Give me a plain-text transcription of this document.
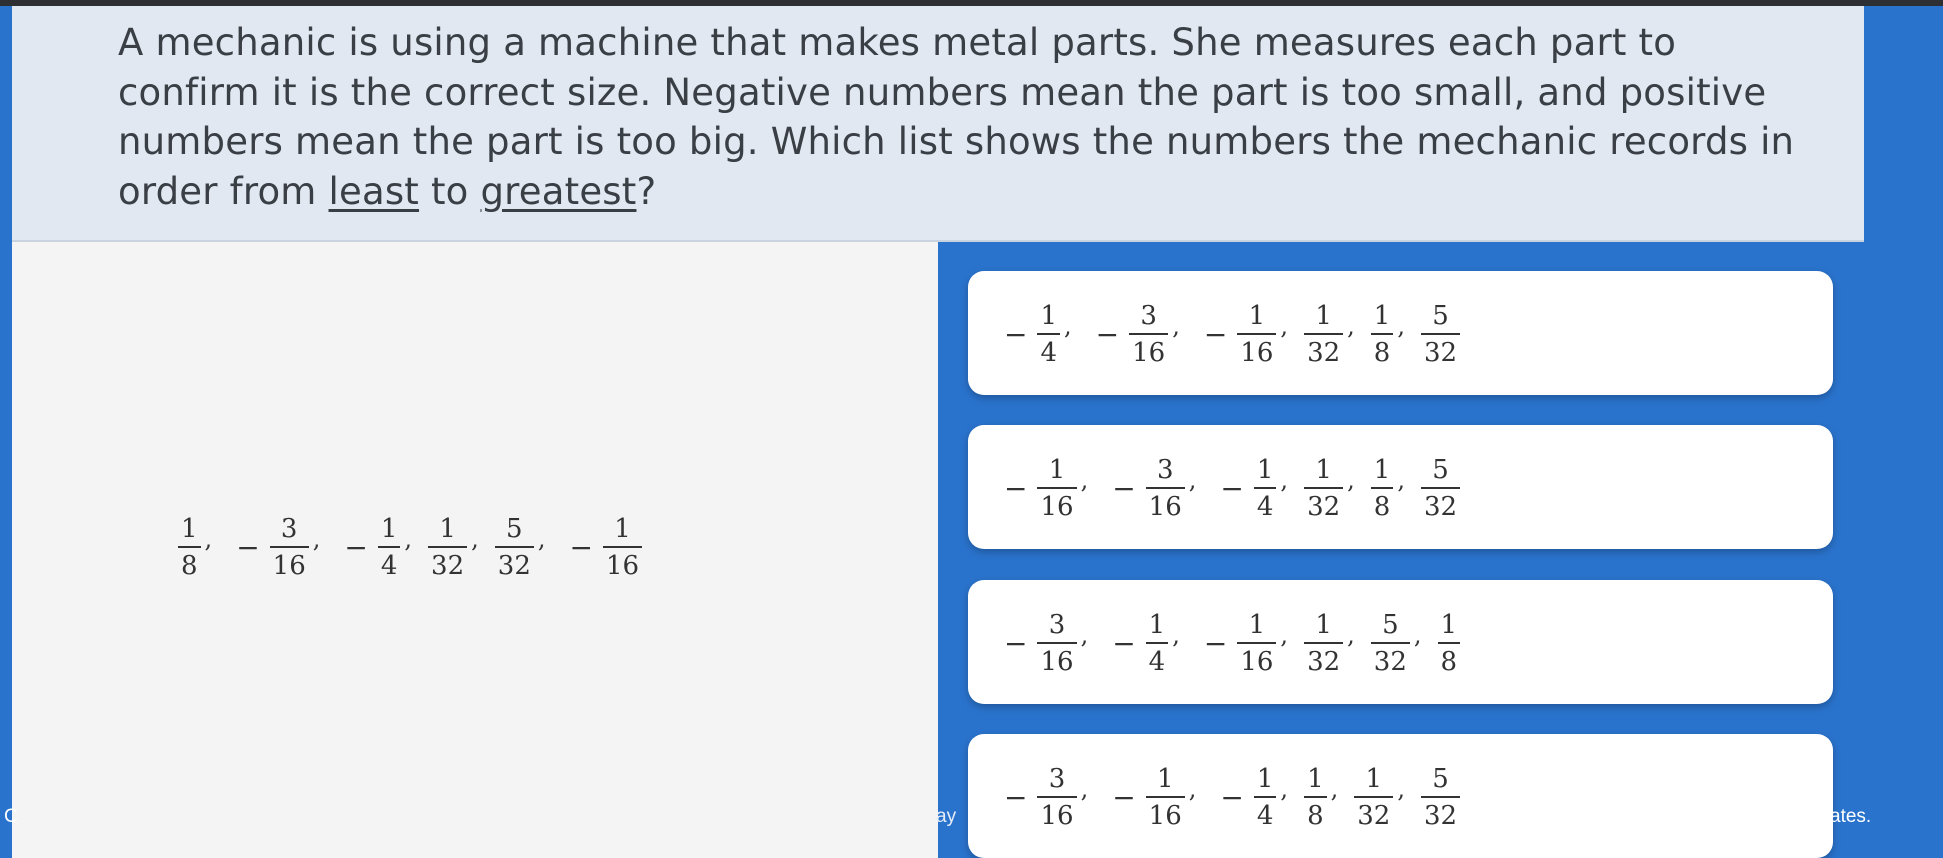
A mechanic is using a machine that makes metal parts. She measures each part to confirm it is the correct size. Negative numbers mean the part is too small, and positive numbers mean the part is too big. Which list shows the numbers the mechanic records in order from least to greatest?
$\frac{1}{8}$ , − $\frac{3}{16}$ , − $\frac{1}{4}$ , $\frac{1}{32}$ , $\frac{5}{32}$ , − $\frac{1}{16}$
− $\frac{1}{4}$ , − $\frac{3}{16}$ , − $\frac{1}{16}$ , $\frac{1}{32}$ , $\frac{1}{8}$ , $\frac{5}{32}$
− $\frac{1}{16}$ , − $\frac{3}{16}$ , − $\frac{1}{4}$ , $\frac{1}{32}$ , $\frac{1}{8}$ , $\frac{5}{32}$
− $\frac{3}{16}$ , − $\frac{1}{4}$ , − $\frac{1}{16}$ , $\frac{1}{32}$ , $\frac{5}{32}$ , $\frac{1}{8}$
− $\frac{3}{16}$ , − $\frac{1}{16}$ , − $\frac{1}{4}$ , $\frac{1}{8}$ , $\frac{1}{32}$ , $\frac{5}{32}$
C	ay	ates.
